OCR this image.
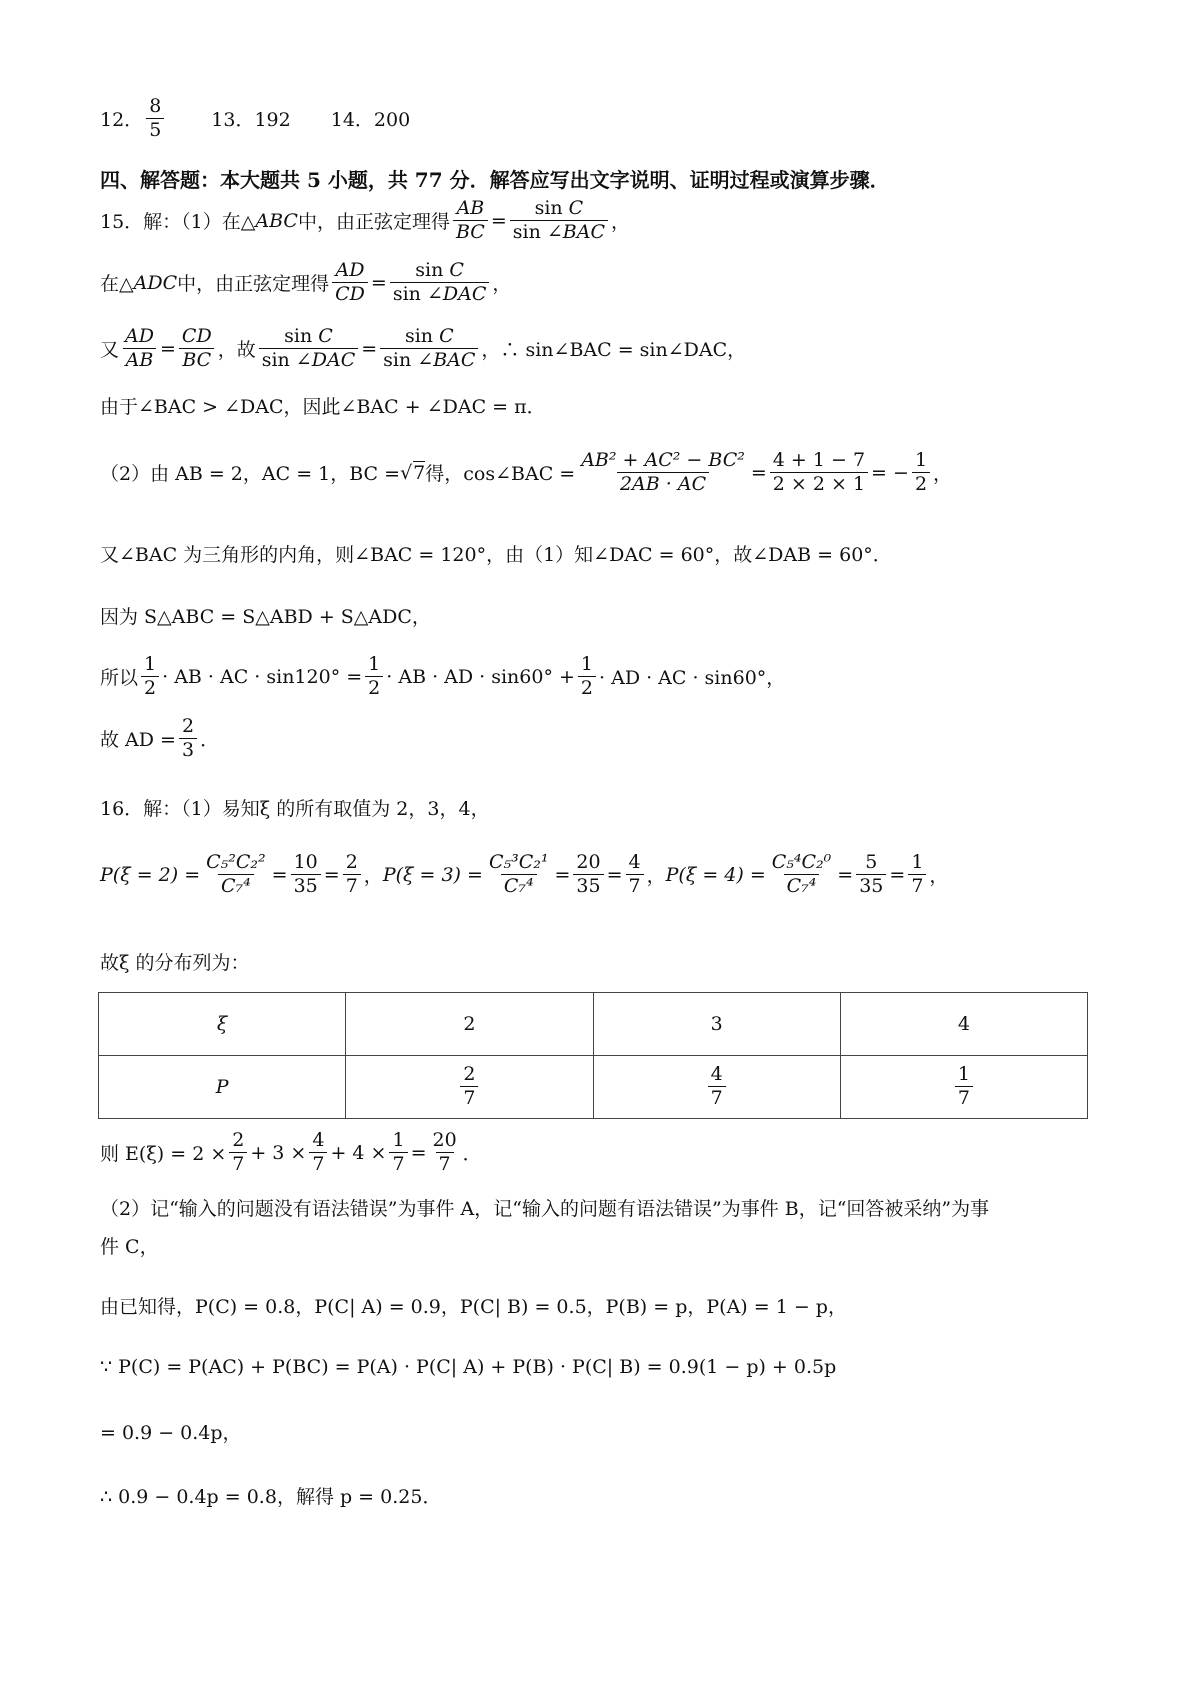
12． $\frac{8}{5} 13$．192 14．200
四、解答题：本大题共 5 小题，共 77 分．解答应写出文字说明、证明过程或演算步骤．
15．解：（1）在△ ABC 中，由正弦定理得 $\frac{AB}{BC} = \frac{\text{sin C}}{\text{sin ∠BAC}}$ ，
在△ ADC 中，由正弦定理得 $\frac{AD}{CD} = \frac{\text{sin C}}{\text{sin ∠DAC}}$ ，
又 $\frac{AD}{AB} = \frac{CD}{BC}$ ，故 $\frac{\text{sin C}}{\text{sin ∠DAC}} = \frac{\text{sin C}}{\text{sin ∠BAC}}$ ，∴ sin∠BAC = sin∠DAC，
由于∠BAC > ∠DAC，因此∠BAC + ∠DAC = π．
（2）由 AB = 2，AC = 1，BC = √7 得，cos∠BAC = $\frac{\text{AB² + AC² − BC²}}{2AB \cdot AC} = \frac{4 + 1 - 7}{2 \times 2 \times 1}$ = − $\frac{1}{2}$ ，
又∠BAC 为三角形的内角，则∠BAC = 120°，由（1）知∠DAC = 60°，故∠DAB = 60°．
因为 S△ABC = S△ABD + S△ADC，
所以 $\frac{1}{2}$ · AB · AC · $\sin 120^\circ = \frac{1}{2}$ · AB · AD · $\sin 60^\circ + \frac{1}{2}$ · AD · AC · sin60°，
故 AD = $\frac{2}{3}$ ．
16．解：（1）易知ξ 的所有取值为 2，3，4，
$P(\xi = 2) = \frac{\text{C₅²C₂²}}{\text{C₇⁴}} = \frac{10}{35} = \frac{2}{7}$ ， $P(\xi = 3) = \frac{\text{C₅³C₂¹}}{\text{C₇⁴}} = \frac{20}{35} = \frac{4}{7}$ ， $P(\xi = 4) = \frac{\text{C₅⁴C₂⁰}}{\text{C₇⁴}} = \frac{5}{35} = \frac{1}{7}$ ，
故ξ 的分布列为：
ξ	2	3	4
P	$\frac{2}{7}$	$\frac{4}{7}$	$\frac{1}{7}$
则 $E(\xi) = 2 \times \frac{2}{7} + 3 \times \frac{4}{7} + 4 \times \frac{1}{7} = \frac{20}{7}$ ．
（2）记“输入的问题没有语法错误”为事件 A，记“输入的问题有语法错误”为事件 B，记“回答被采纳”为事
件 C，
由已知得，P(C) = 0.8，P(C| A) = 0.9，P(C| B) = 0.5，P(B) = p，P(A) = 1 − p，
∵ P(C) = P(AC) + P(BC) = P(A) · P(C| A) + P(B) · P(C| B) = 0.9(1 − p) + 0.5p
= 0.9 − 0.4p，
∴ 0.9 − 0.4p = 0.8，解得 p = 0.25．
